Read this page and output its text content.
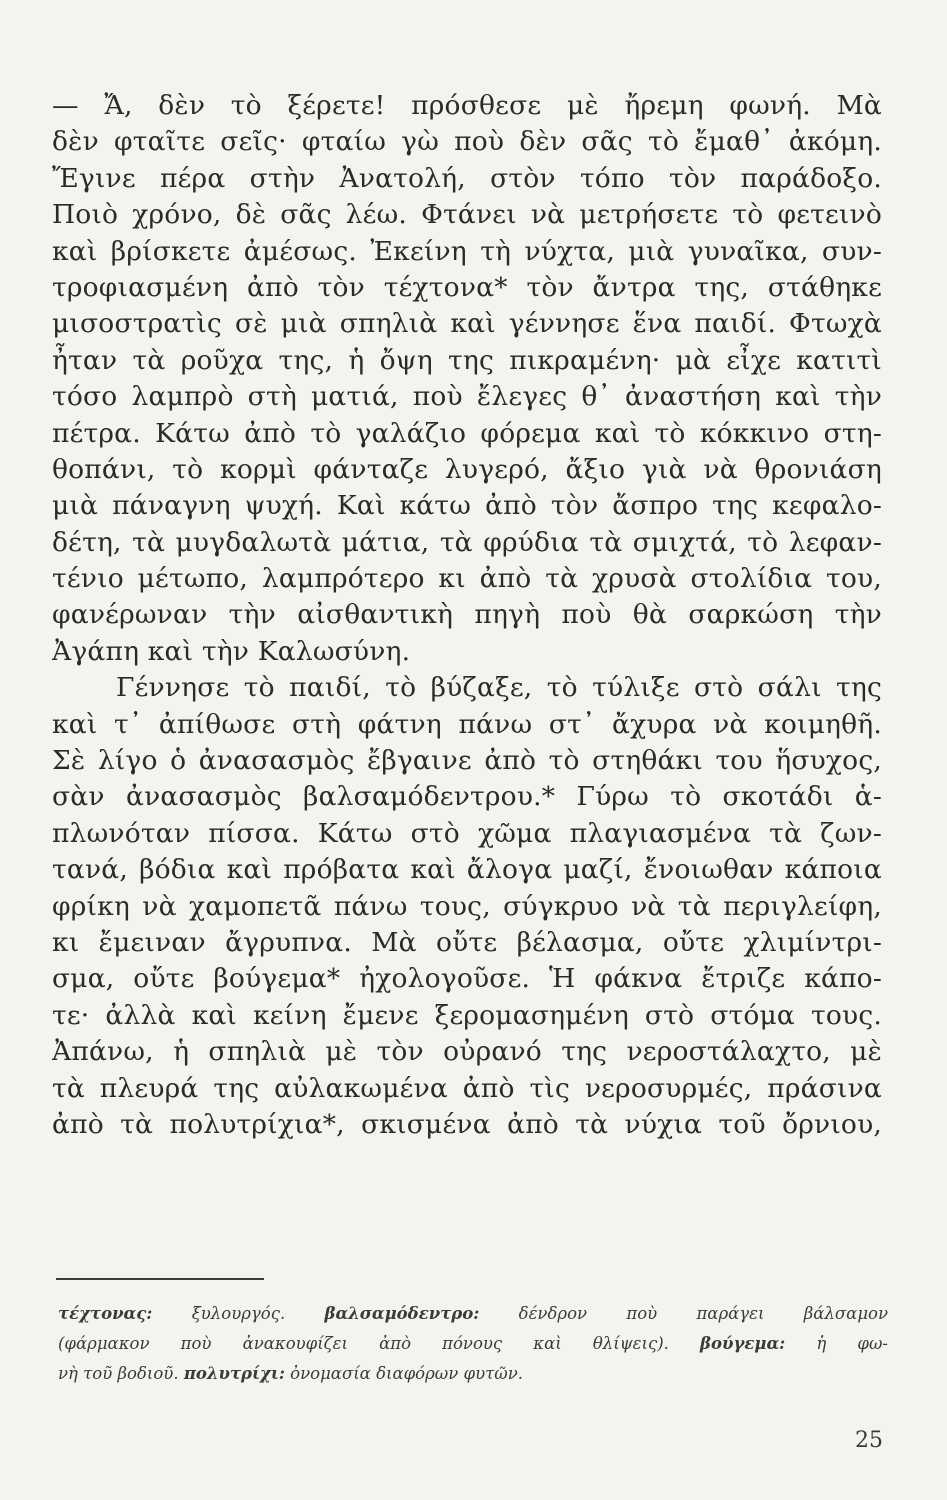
— Ἄ, δὲν τὸ ξέρετε! πρόσθεσε μὲ ἤρεμη φωνή. Μὰ
δὲν φταῖτε σεῖς· φταίω γὼ ποὺ δὲν σᾶς τὸ ἔμαθ᾽ ἀκόμη.
Ἔγινε πέρα στὴν Ἀνατολή, στὸν τόπο τὸν παράδοξο.
Ποιὸ χρόνο, δὲ σᾶς λέω. Φτάνει νὰ μετρήσετε τὸ φετεινὸ
καὶ βρίσκετε ἀμέσως. Ἐκείνη τὴ νύχτα, μιὰ γυναῖκα, συν-
τροφιασμένη ἀπὸ τὸν τέχτονα* τὸν ἄντρα της, στάθηκε
μισοστρατὶς σὲ μιὰ σπηλιὰ καὶ γέννησε ἕνα παιδί. Φτωχὰ
ἦταν τὰ ροῦχα της, ἡ ὄψη της πικραμένη· μὰ εἶχε κατιτὶ
τόσο λαμπρὸ στὴ ματιά, ποὺ ἔλεγες θ᾽ ἀναστήση καὶ τὴν
πέτρα. Κάτω ἀπὸ τὸ γαλάζιο φόρεμα καὶ τὸ κόκκινο στη-
θοπάνι, τὸ κορμὶ φάνταζε λυγερό, ἄξιο γιὰ νὰ θρονιάση
μιὰ πάναγνη ψυχή. Καὶ κάτω ἀπὸ τὸν ἄσπρο της κεφαλο-
δέτη, τὰ μυγδαλωτὰ μάτια, τὰ φρύδια τὰ σμιχτά, τὸ λεφαν-
τένιο μέτωπο, λαμπρότερο κι ἀπὸ τὰ χρυσὰ στολίδια του,
φανέρωναν τὴν αἰσθαντικὴ πηγὴ ποὺ θὰ σαρκώση τὴν
Ἀγάπη καὶ τὴν Καλωσύνη.
Γέννησε τὸ παιδί, τὸ βύζαξε, τὸ τύλιξε στὸ σάλι της
καὶ τ᾽ ἀπίθωσε στὴ φάτνη πάνω στ᾽ ἄχυρα νὰ κοιμηθῆ.
Σὲ λίγο ὁ ἀνασασμὸς ἔβγαινε ἀπὸ τὸ στηθάκι του ἥσυχος,
σὰν ἀνασασμὸς βαλσαμόδεντρου.* Γύρω τὸ σκοτάδι ἁ-
πλωνόταν πίσσα. Κάτω στὸ χῶμα πλαγιασμένα τὰ ζων-
τανά, βόδια καὶ πρόβατα καὶ ἄλογα μαζί, ἔνοιωθαν κάποια
φρίκη νὰ χαμοπετᾶ πάνω τους, σύγκρυο νὰ τὰ περιγλείφη,
κι ἔμειναν ἄγρυπνα. Μὰ οὔτε βέλασμα, οὔτε χλιμίντρι-
σμα, οὔτε βούγεμα* ἠχολογοῦσε. Ἡ φάκνα ἔτριζε κάπο-
τε· ἀλλὰ καὶ κείνη ἔμενε ξερομασημένη στὸ στόμα τους.
Ἀπάνω, ἡ σπηλιὰ μὲ τὸν οὐρανό της νεροστάλαχτο, μὲ
τὰ πλευρά της αὐλακωμένα ἀπὸ τὶς νεροσυρμές, πράσινα
ἀπὸ τὰ πολυτρίχια*, σκισμένα ἀπὸ τὰ νύχια τοῦ ὄρνιου,
τέχτονας: ξυλουργός. βαλσαμόδεντρο: δένδρον ποὺ παράγει βάλσαμον
(φάρμακον ποὺ ἀνακουφίζει ἀπὸ πόνους καὶ θλίψεις). βούγεμα: ἡ φω-
νὴ τοῦ βοδιοῦ. πολυτρίχι: ὀνομασία διαφόρων φυτῶν.
25
